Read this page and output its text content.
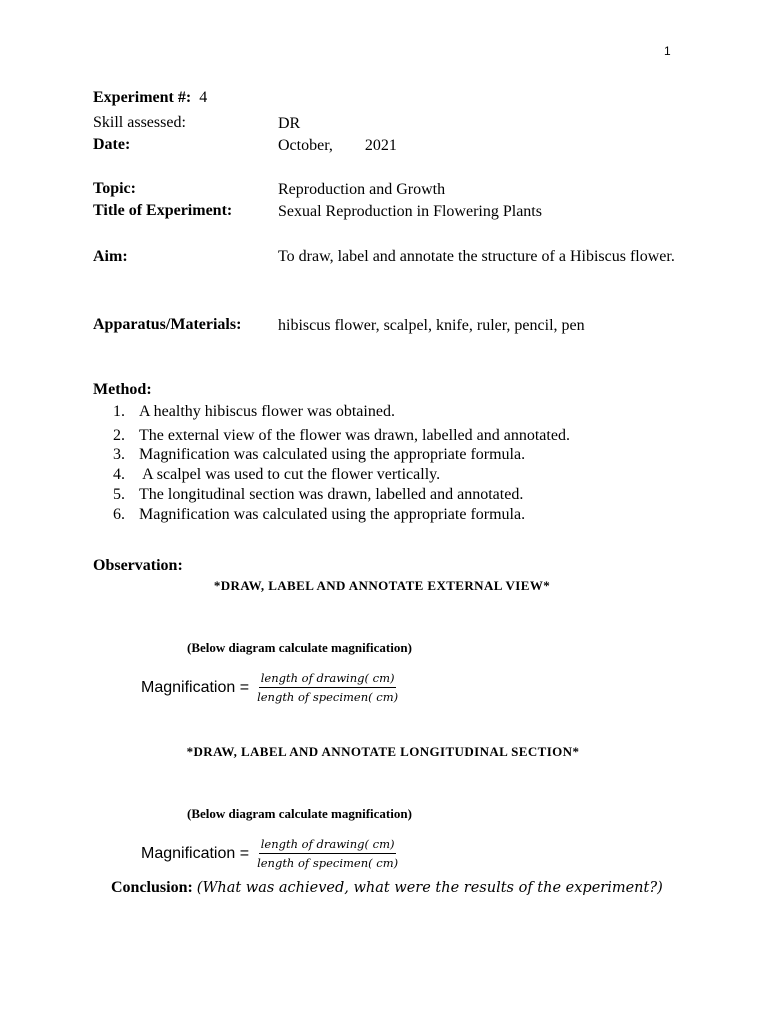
1
Experiment #: 4
Skill assessed:	DR
Date:	October,        2021
Topic:	Reproduction and Growth
Title of Experiment:	Sexual Reproduction in Flowering Plants
Aim:	To draw, label and annotate the structure of a Hibiscus flower.
Apparatus/Materials: hibiscus flower, scalpel, knife, ruler, pencil, pen
Method:
1. A healthy hibiscus flower was obtained.
2. The external view of the flower was drawn, labelled and annotated.
3. Magnification was calculated using the appropriate formula.
4. A scalpel was used to cut the flower vertically.
5. The longitudinal section was drawn, labelled and annotated.
6. Magnification was calculated using the appropriate formula.
Observation:
*DRAW, LABEL AND ANNOTATE EXTERNAL VIEW*
(Below diagram calculate magnification)
Magnification = $\frac{\text{length of drawing( cm)}}{\text{length of specimen( cm)}}$
*DRAW, LABEL AND ANNOTATE LONGITUDINAL SECTION*
(Below diagram calculate magnification)
Magnification = $\frac{\text{length of drawing( cm)}}{\text{length of specimen( cm)}}$
Conclusion: (What was achieved, what were the results of the experiment?)
